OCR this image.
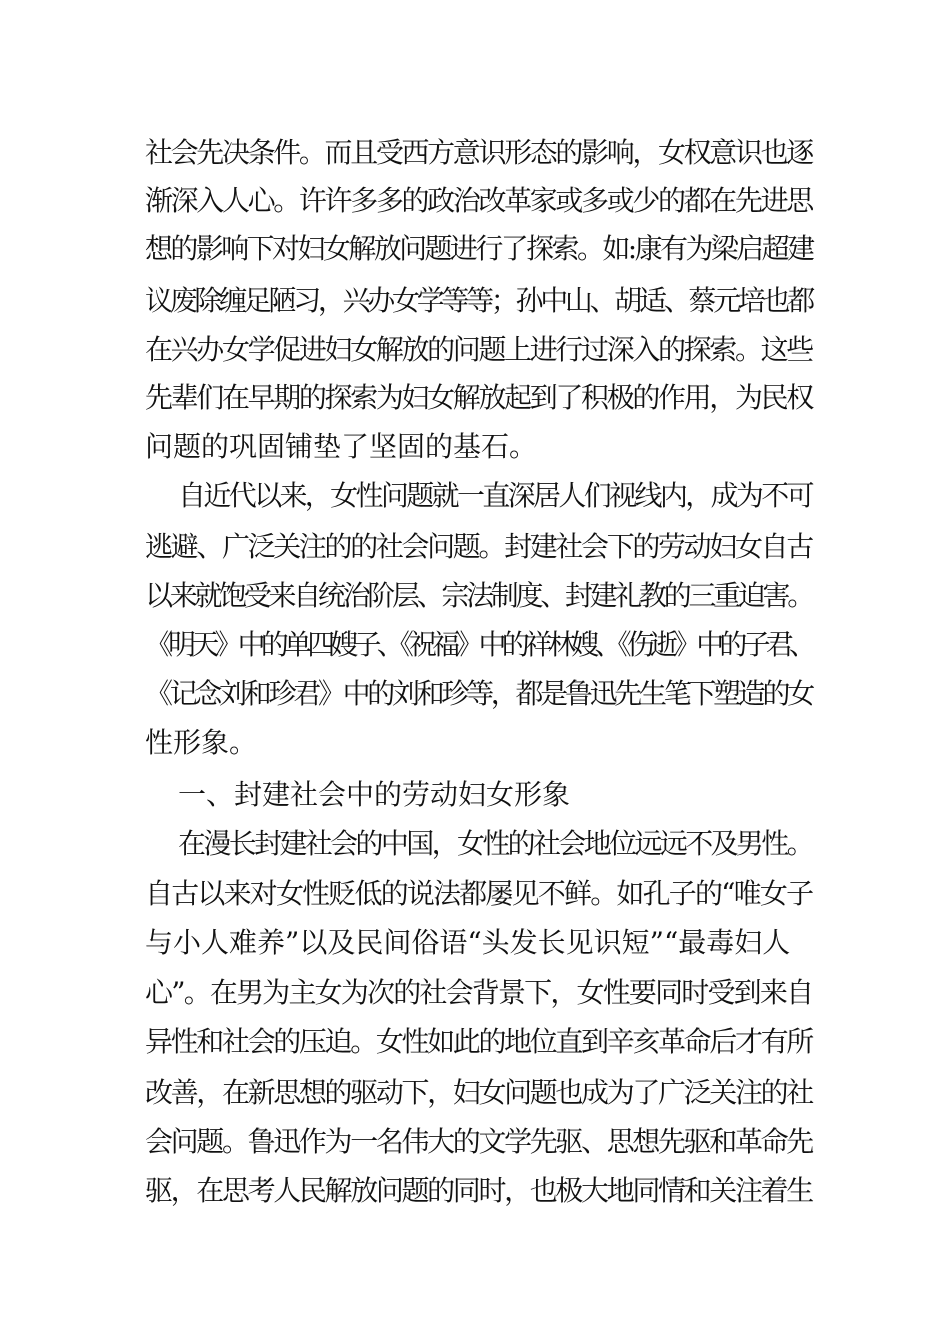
社会先决条件。而且受西方意识形态的影响，女权意识也逐
渐深入人心。许许多多的政治改革家或多或少的都在先进思
想的影响下对妇女解放问题进行了探索。如:康有为梁启超建
议废除缠足陋习，兴办女学等等；孙中山、胡适、蔡元培也都
在兴办女学促进妇女解放的问题上进行过深入的探索。这些
先辈们在早期的探索为妇女解放起到了积极的作用，为民权
问题的巩固铺垫了坚固的基石。
自近代以来，女性问题就一直深居人们视线内，成为不可
逃避、广泛关注的的社会问题。封建社会下的劳动妇女自古
以来就饱受来自统治阶层、宗法制度、封建礼教的三重迫害。
《明天》中的单四嫂子、《祝福》中的祥林嫂、《伤逝》中的子君、
《记念刘和珍君》中的刘和珍等，都是鲁迅先生笔下塑造的女
性形象。
一、封建社会中的劳动妇女形象
在漫长封建社会的中国，女性的社会地位远远不及男性。
自古以来对女性贬低的说法都屡见不鲜。如孔子的“唯女子
与小人难养”以及民间俗语“头发长见识短”“最毒妇人
心”。在男为主女为次的社会背景下，女性要同时受到来自
异性和社会的压迫。女性如此的地位直到辛亥革命后才有所
改善，在新思想的驱动下，妇女问题也成为了广泛关注的社
会问题。鲁迅作为一名伟大的文学先驱、思想先驱和革命先
驱，在思考人民解放问题的同时，也极大地同情和关注着生
